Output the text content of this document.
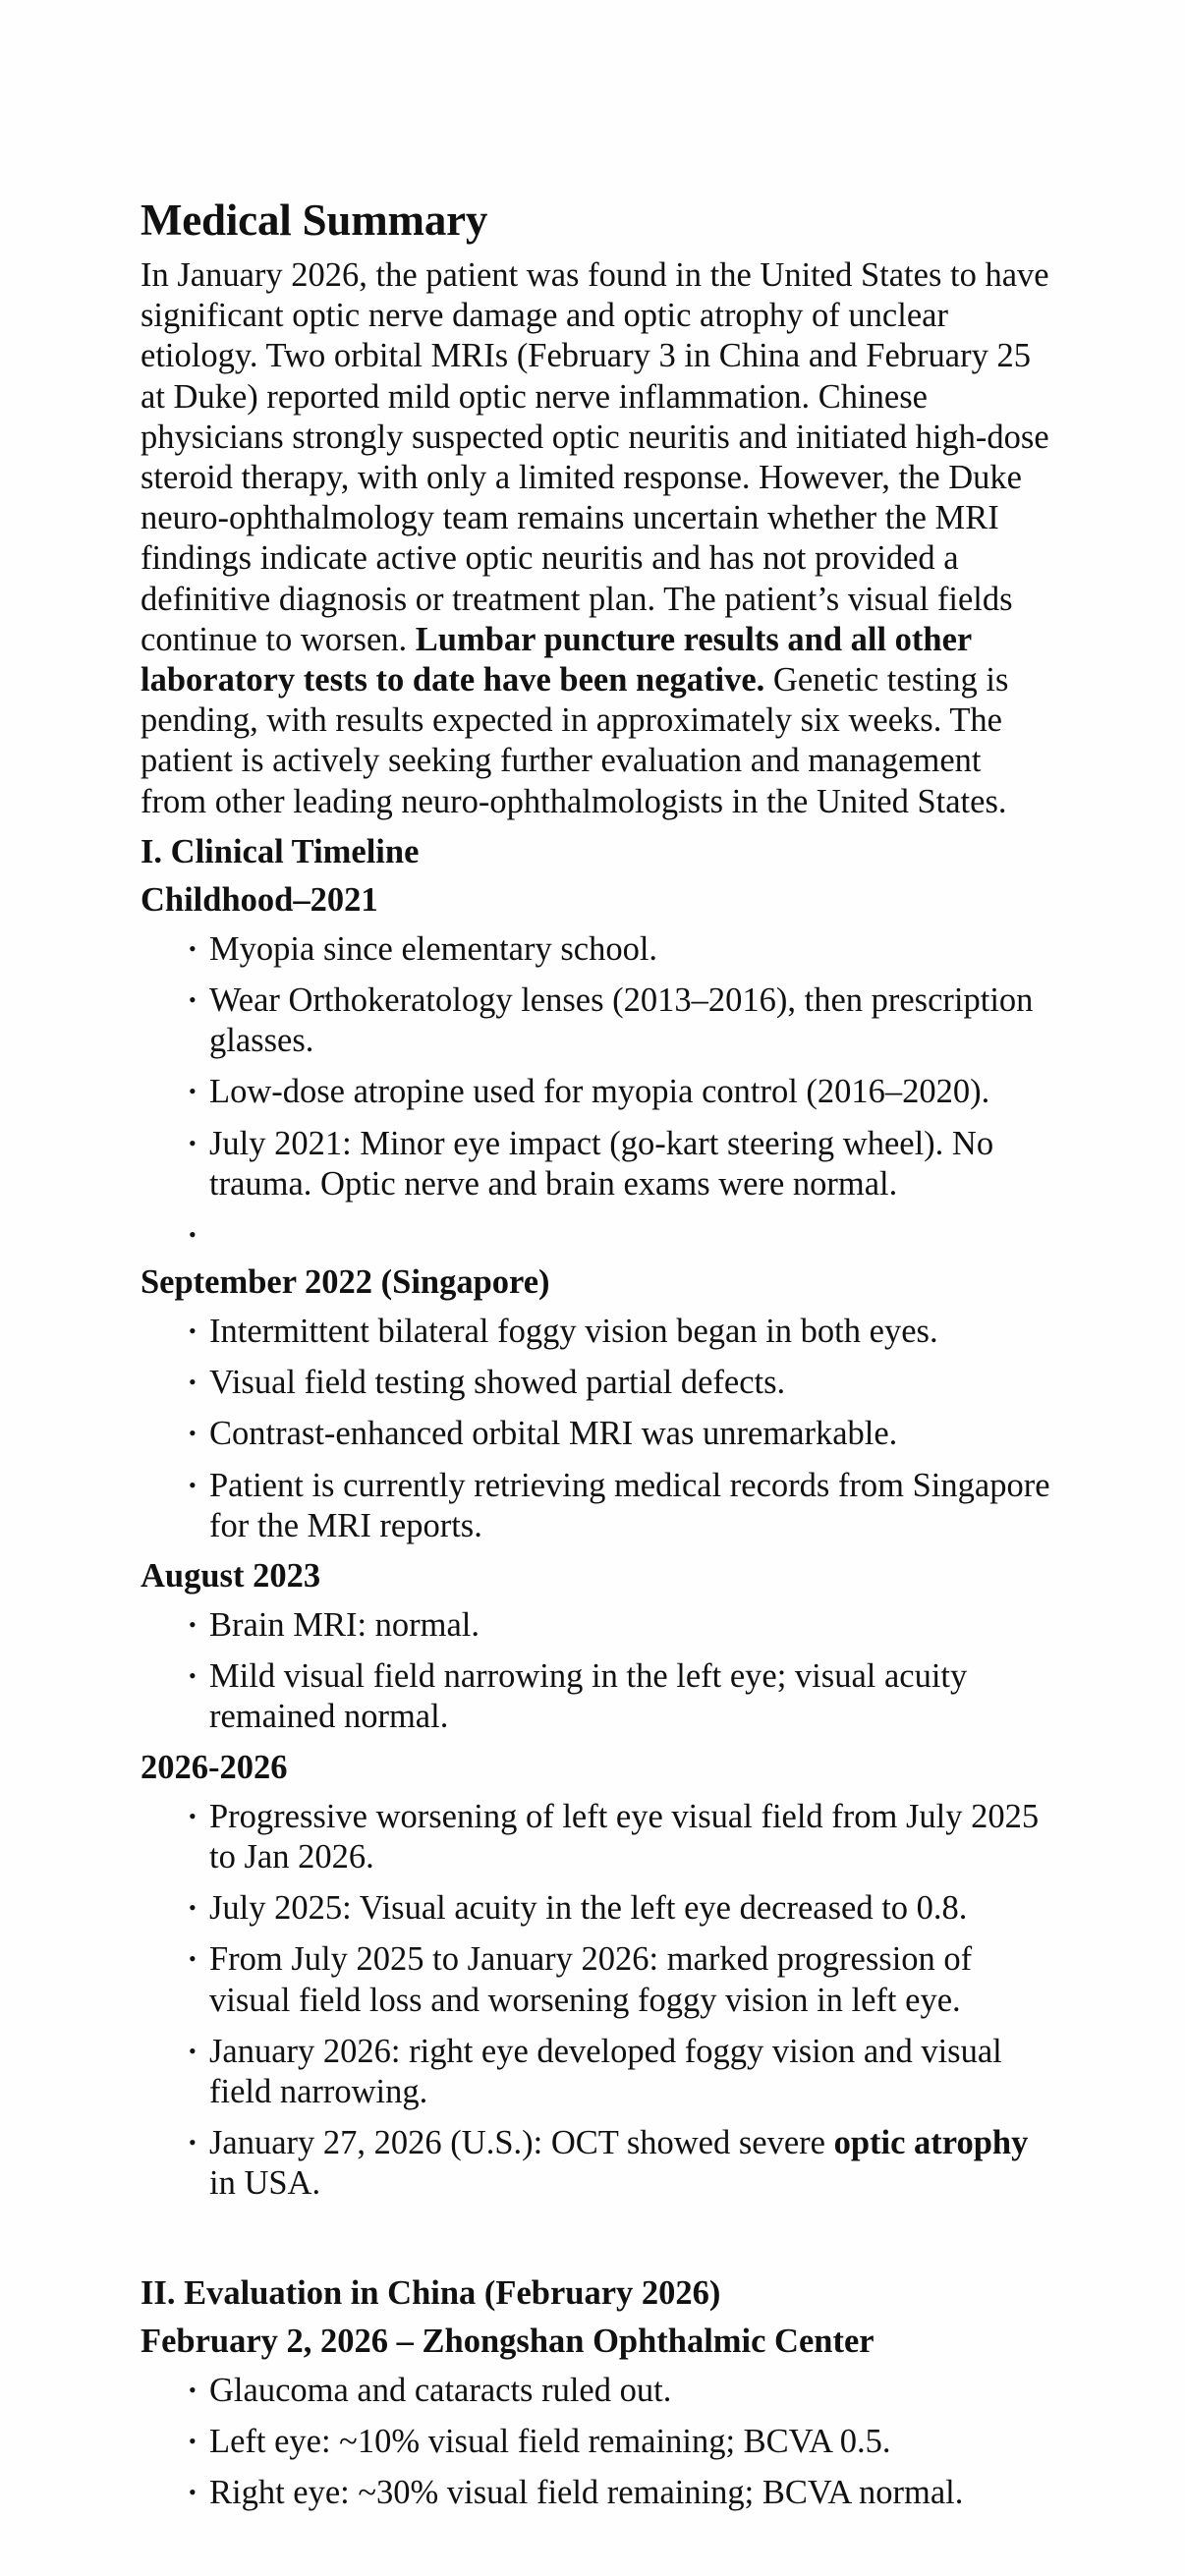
Medical Summary

In January 2026, the patient was found in the United States to have significant optic nerve damage and optic atrophy of unclear etiology. Two orbital MRIs (February 3 in China and February 25 at Duke) reported mild optic nerve inflammation. Chinese physicians strongly suspected optic neuritis and initiated high-dose steroid therapy, with only a limited response. However, the Duke neuro-ophthalmology team remains uncertain whether the MRI findings indicate active optic neuritis and has not provided a definitive diagnosis or treatment plan. The patient’s visual fields continue to worsen. Lumbar puncture results and all other laboratory tests to date have been negative. Genetic testing is pending, with results expected in approximately six weeks. The patient is actively seeking further evaluation and management from other leading neuro-ophthalmologists in the United States.

I. Clinical Timeline
Childhood–2021
• Myopia since elementary school.
• Wear Orthokeratology lenses (2013–2016), then prescription glasses.
• Low-dose atropine used for myopia control (2016–2020).
• July 2021: Minor eye impact (go-kart steering wheel). No trauma. Optic nerve and brain exams were normal.
•
September 2022 (Singapore)
• Intermittent bilateral foggy vision began in both eyes.
• Visual field testing showed partial defects.
• Contrast-enhanced orbital MRI was unremarkable.
• Patient is currently retrieving medical records from Singapore for the MRI reports.
August 2023
• Brain MRI: normal.
• Mild visual field narrowing in the left eye; visual acuity remained normal.
2026-2026
• Progressive worsening of left eye visual field from July 2025 to Jan 2026.
• July 2025: Visual acuity in the left eye decreased to 0.8.
• From July 2025 to January 2026: marked progression of visual field loss and worsening foggy vision in left eye.
• January 2026: right eye developed foggy vision and visual field narrowing.
• January 27, 2026 (U.S.): OCT showed severe optic atrophy in USA.
II. Evaluation in China (February 2026)
February 2, 2026 – Zhongshan Ophthalmic Center
• Glaucoma and cataracts ruled out.
• Left eye: ~10% visual field remaining; BCVA 0.5.
• Right eye: ~30% visual field remaining; BCVA normal.
